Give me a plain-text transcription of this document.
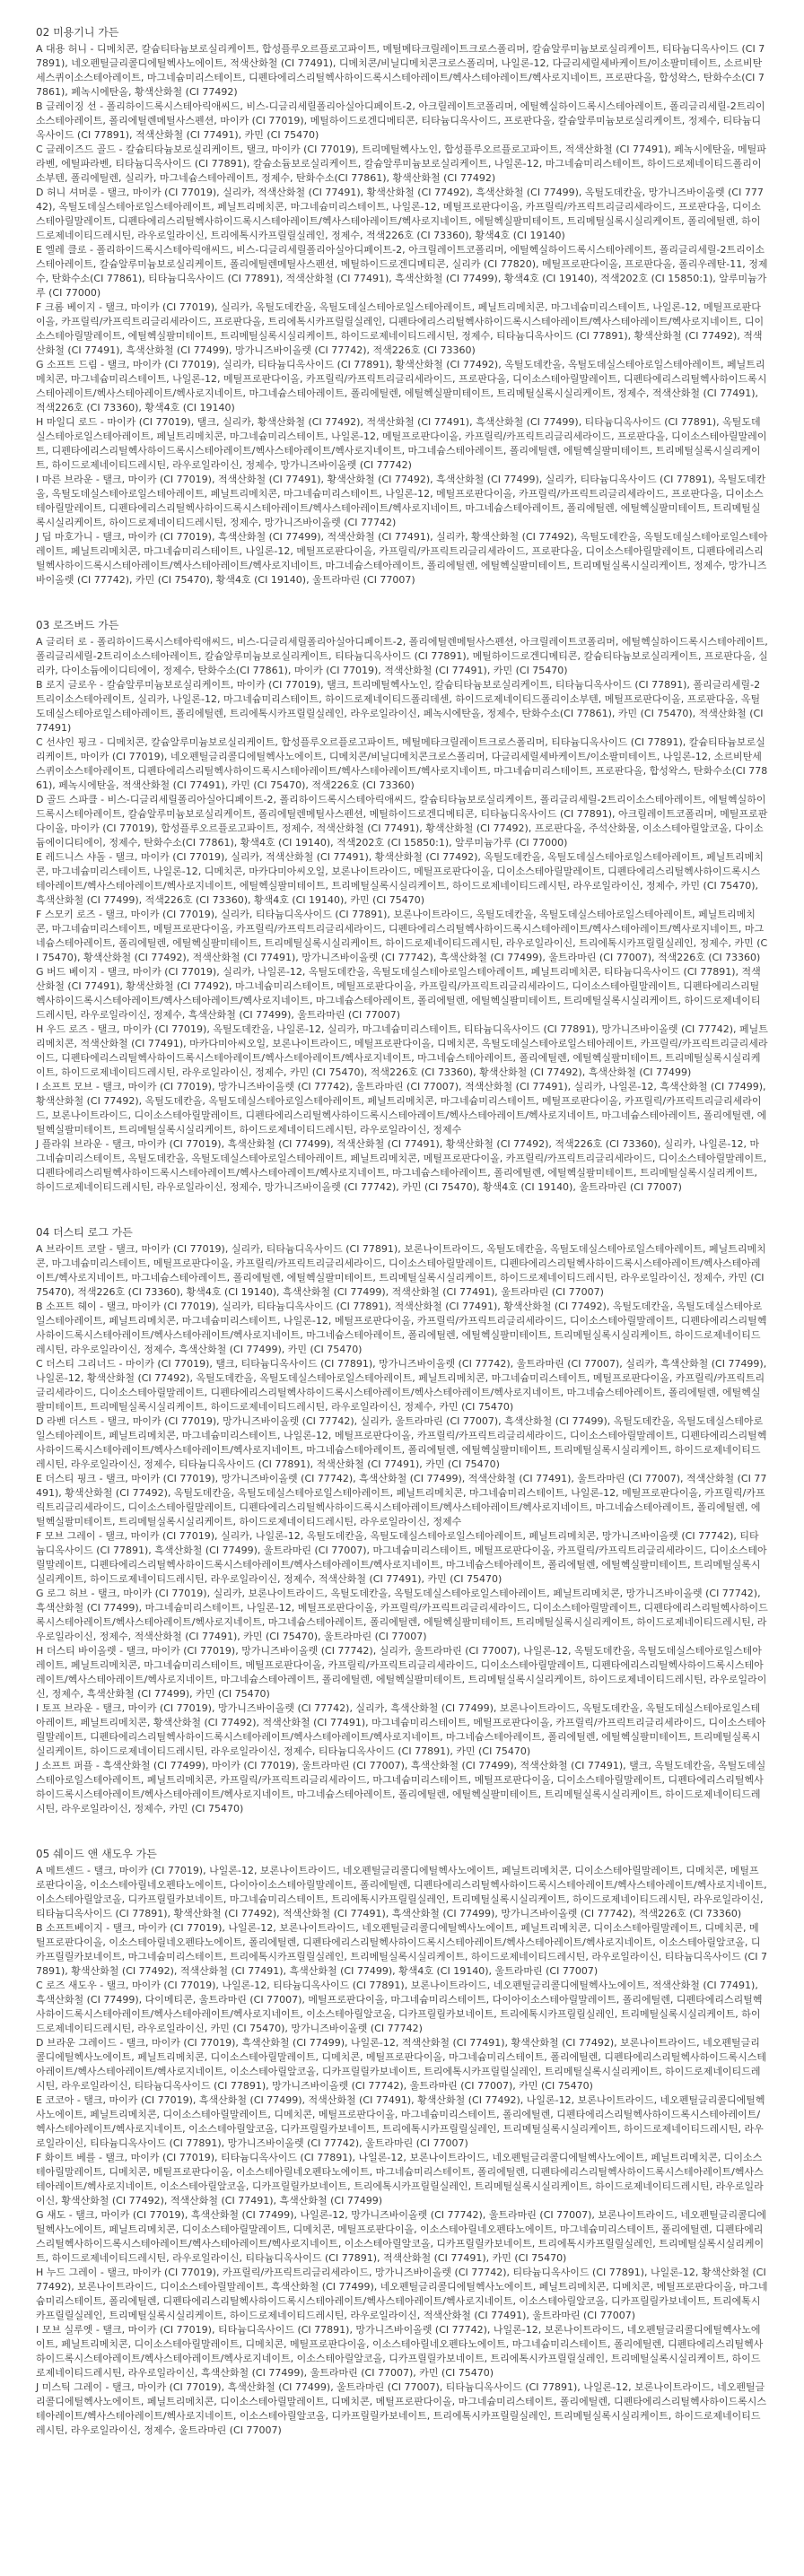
02 미용기니 가든

A 대용 허니 - 디메치콘, 칼슘티타늄보로실리케이트, 합성플루오르플로고파이트, 메틸메타크릴레이트크로스폴리머, 칼슘알루미늄보로실리케이트, 티타늄디옥사이드 (CI 77891), 네오펜틸글리콜디에틸헥사노에이트, 적색산화철 (CI 77491), 디메치콘/비닐디메치콘크로스폴리머, 나일론-12, 다글리세릴세바케이트/이소팔미테이트, 소르비탄세스퀴이소스테아레이트, 마그네슘미리스테이트, 디펜타에리스리틸헥사하이드록시스테아레이트/헥사스테아레이트/헥사로지네이트, 프로판다올, 합성왁스, 탄화수소(CI 77861), 페녹시에탄올, 황색산화철 (CI 77492)

B 글레이징 선 - 폴리하이드록시스테아릭애씨드, 비스-디글리세릴폴리아실아디페이트-2, 아크릴레이트코폴리머, 에틸헥실하이드록시스테아레이트, 폴리글리세릴-2트리이소스테아레이트, 폴리에틸렌메틸사스펜션, 마이카 (CI 77019), 메틸하이드로겐디메티콘, 티타늄디옥사이드, 프로판다올, 칼슘알루미늄보로실리케이트, 정제수, 티타늄디옥사이드 (CI 77891), 적색산화철 (CI 77491), 카민 (CI 75470)

C 글레이즈드 골드 - 칼슘티타늄보로실리케이트, 탤크, 마이카 (CI 77019), 트리메틸헥사노인, 합성플루오르플로고파이트, 적색산화철 (CI 77491), 페녹시에탄올, 메틸파라벤, 에틸파라벤, 티타늄디옥사이드 (CI 77891), 칼슘소듐보로실리케이트, 칼슘알루미늄보로실리케이트, 나일론-12, 마그네슘미리스테이트, 하이드로제네이티드폴리이소부텐, 폴리에틸렌, 실리카, 마그네슘스테아레이트, 정제수, 탄화수소(CI 77861), 황색산화철 (CI 77492)

D 허니 셔머룬 - 탤크, 마이카 (CI 77019), 실리카, 적색산화철 (CI 77491), 황색산화철 (CI 77492), 흑색산화철 (CI 77499), 옥틸도데칸올, 망가니즈바이올렛 (CI 77742), 옥틸도데실스테아로일스테아레이트, 페닐트리메치콘, 마그네슘미리스테이트, 나일론-12, 메틸프로판다이올, 카프릴릭/카프릭트리글리세라이드, 프로판다올, 디이소스테아릴말레이트, 디펜타에리스리틸헥사하이드록시스테아레이트/헥사스테아레이트/헥사로지네이트, 에틸헥실팔미테이트, 트리메틸실록시실리케이트, 폴리에틸렌, 하이드로제네이티드레시틴, 라우로일라이신, 트리에톡시카프릴릴실레인, 정제수, 적색226호 (CI 73360), 황색4호 (CI 19140)

E 엘레 클로 - 폴리하이드록시스테아릭애씨드, 비스-디글리세릴폴리아실아디페이트-2, 아크릴레이트코폴리머, 에틸헥실하이드록시스테아레이트, 폴리글리세릴-2트리이소스테아레이트, 칼슘알루미늄보로실리케이트, 폴리에틸렌메틸사스펜션, 메틸하이드로겐디메티콘, 실리카 (CI 77820), 메틸프로판다이올, 프로판다올, 폴리우레탄-11, 정제수, 탄화수소(CI 77861), 티타늄디옥사이드 (CI 77891), 적색산화철 (CI 77491), 흑색산화철 (CI 77499), 황색4호 (CI 19140), 적색202호 (CI 15850:1), 알루미늄가루 (CI 77000)

F 크롬 베이지 - 탤크, 마이카 (CI 77019), 실리카, 옥틸도데칸올, 옥틸도데실스테아로일스테아레이트, 페닐트리메치콘, 마그네슘미리스테이트, 나일론-12, 메틸프로판다이올, 카프릴릭/카프릭트리글리세라이드, 프로판다올, 트리에톡시카프릴릴실레인, 디펜타에리스리틸헥사하이드록시스테아레이트/헥사스테아레이트/헥사로지네이트, 디이소스테아릴말레이트, 에틸헥실팔미테이트, 트리메틸실록시실리케이트, 하이드로제네이티드레시틴, 정제수, 티타늄디옥사이드 (CI 77891), 황색산화철 (CI 77492), 적색산화철 (CI 77491), 흑색산화철 (CI 77499), 망가니즈바이올렛 (CI 77742), 적색226호 (CI 73360)

G 소프트 드림 - 탤크, 마이카 (CI 77019), 실리카, 티타늄디옥사이드 (CI 77891), 황색산화철 (CI 77492), 옥틸도데칸올, 옥틸도데실스테아로일스테아레이트, 페닐트리메치콘, 마그네슘미리스테이트, 나일론-12, 메틸프로판다이올, 카프릴릭/카프릭트리글리세라이드, 프로판다올, 디이소스테아릴말레이트, 디펜타에리스리틸헥사하이드록시스테아레이트/헥사스테아레이트/헥사로지네이트, 마그네슘스테아레이트, 폴리에틸렌, 에틸헥실팔미테이트, 트리메틸실록시실리케이트, 정제수, 적색산화철 (CI 77491), 적색226호 (CI 73360), 황색4호 (CI 19140)

H 마일디 로드 - 마이카 (CI 77019), 탤크, 실리카, 황색산화철 (CI 77492), 적색산화철 (CI 77491), 흑색산화철 (CI 77499), 티타늄디옥사이드 (CI 77891), 옥틸도데실스테아로일스테아레이트, 페닐트리메치콘, 마그네슘미리스테이트, 나일론-12, 메틸프로판다이올, 카프릴릭/카프릭트리글리세라이드, 프로판다올, 디이소스테아릴말레이트, 디펜타에리스리틸헥사하이드록시스테아레이트/헥사스테아레이트/헥사로지네이트, 마그네슘스테아레이트, 폴리에틸렌, 에틸헥실팔미테이트, 트리메틸실록시실리케이트, 하이드로제네이티드레시틴, 라우로일라이신, 정제수, 망가니즈바이올렛 (CI 77742)

I 마른 브라운 - 탤크, 마이카 (CI 77019), 적색산화철 (CI 77491), 황색산화철 (CI 77492), 흑색산화철 (CI 77499), 실리카, 티타늄디옥사이드 (CI 77891), 옥틸도데칸올, 옥틸도데실스테아로일스테아레이트, 페닐트리메치콘, 마그네슘미리스테이트, 나일론-12, 메틸프로판다이올, 카프릴릭/카프릭트리글리세라이드, 프로판다올, 디이소스테아릴말레이트, 디펜타에리스리틸헥사하이드록시스테아레이트/헥사스테아레이트/헥사로지네이트, 마그네슘스테아레이트, 폴리에틸렌, 에틸헥실팔미테이트, 트리메틸실록시실리케이트, 하이드로제네이티드레시틴, 정제수, 망가니즈바이올렛 (CI 77742)

J 딥 마호가니 - 탤크, 마이카 (CI 77019), 흑색산화철 (CI 77499), 적색산화철 (CI 77491), 실리카, 황색산화철 (CI 77492), 옥틸도데칸올, 옥틸도데실스테아로일스테아레이트, 페닐트리메치콘, 마그네슘미리스테이트, 나일론-12, 메틸프로판다이올, 카프릴릭/카프릭트리글리세라이드, 프로판다올, 디이소스테아릴말레이트, 디펜타에리스리틸헥사하이드록시스테아레이트/헥사스테아레이트/헥사로지네이트, 마그네슘스테아레이트, 폴리에틸렌, 에틸헥실팔미테이트, 트리메틸실록시실리케이트, 정제수, 망가니즈바이올렛 (CI 77742), 카민 (CI 75470), 황색4호 (CI 19140), 울트라마린 (CI 77007)

03 로즈버드 가든

A 글리터 로 - 폴리하이드록시스테아릭애씨드, 비스-디글리세릴폴리아실아디페이트-2, 폴리에틸렌메틸사스펜션, 아크릴레이트코폴리머, 에틸헥실하이드록시스테아레이트, 폴리글리세릴-2트리이소스테아레이트, 칼슘알루미늄보로실리케이트, 티타늄디옥사이드 (CI 77891), 메틸하이드로겐디메티콘, 칼슘티타늄보로실리케이트, 프로판다올, 실리카, 다이소듐에이디티에이, 정제수, 탄화수소(CI 77861), 마이카 (CI 77019), 적색산화철 (CI 77491), 카민 (CI 75470)

B 로지 글로우 - 칼슘알루미늄보로실리케이트, 마이카 (CI 77019), 탤크, 트리메틸헥사노인, 칼슘티타늄보로실리케이트, 티타늄디옥사이드 (CI 77891), 폴리글리세릴-2트리이소스테아레이트, 실리카, 나일론-12, 마그네슘미리스테이트, 하이드로제네이티드폴리데센, 하이드로제네이티드폴리이소부텐, 메틸프로판다이올, 프로판다올, 옥틸도데실스테아로일스테아레이트, 폴리에틸렌, 트리에톡시카프릴릴실레인, 라우로일라이신, 페녹시에탄올, 정제수, 탄화수소(CI 77861), 카민 (CI 75470), 적색산화철 (CI 77491)

C 선샤인 핑크 - 디메치콘, 칼슘알루미늄보로실리케이트, 합성플루오르플로고파이트, 메틸메타크릴레이트크로스폴리머, 티타늄디옥사이드 (CI 77891), 칼슘티타늄보로실리케이트, 마이카 (CI 77019), 네오펜틸글리콜디에틸헥사노에이트, 디메치콘/비닐디메치콘크로스폴리머, 다글리세릴세바케이트/이소팔미테이트, 나일론-12, 소르비탄세스퀴이소스테아레이트, 디펜타에리스리틸헥사하이드록시스테아레이트/헥사스테아레이트/헥사로지네이트, 마그네슘미리스테이트, 프로판다올, 합성왁스, 탄화수소(CI 77861), 페녹시에탄올, 적색산화철 (CI 77491), 카민 (CI 75470), 적색226호 (CI 73360)

D 골드 스파클 - 비스-디글리세릴폴리아실아디페이트-2, 폴리하이드록시스테아릭애씨드, 칼슘티타늄보로실리케이트, 폴리글리세릴-2트리이소스테아레이트, 에틸헥실하이드록시스테아레이트, 칼슘알루미늄보로실리케이트, 폴리에틸렌메틸사스펜션, 메틸하이드로겐디메티콘, 티타늄디옥사이드 (CI 77891), 아크릴레이트코폴리머, 메틸프로판다이올, 마이카 (CI 77019), 합성플루오르플로고파이트, 정제수, 적색산화철 (CI 77491), 황색산화철 (CI 77492), 프로판다올, 주석산화물, 이소스테아릴알코올, 다이소듐에이디티에이, 정제수, 탄화수소(CI 77861), 황색4호 (CI 19140), 적색202호 (CI 15850:1), 알루미늄가루 (CI 77000)

E 레드니스 샤돌 - 탤크, 마이카 (CI 77019), 실리카, 적색산화철 (CI 77491), 황색산화철 (CI 77492), 옥틸도데칸올, 옥틸도데실스테아로일스테아레이트, 페닐트리메치콘, 마그네슘미리스테이트, 나일론-12, 디메치콘, 마카다미아씨오일, 보론나이트라이드, 메틸프로판다이올, 디이소스테아릴말레이트, 디펜타에리스리틸헥사하이드록시스테아레이트/헥사스테아레이트/헥사로지네이트, 에틸헥실팔미테이트, 트리메틸실록시실리케이트, 하이드로제네이티드레시틴, 라우로일라이신, 정제수, 카민 (CI 75470), 흑색산화철 (CI 77499), 적색226호 (CI 73360), 황색4호 (CI 19140), 카민 (CI 75470)

F 스모키 로즈 - 탤크, 마이카 (CI 77019), 실리카, 티타늄디옥사이드 (CI 77891), 보론나이트라이드, 옥틸도데칸올, 옥틸도데실스테아로일스테아레이트, 페닐트리메치콘, 마그네슘미리스테이트, 메틸프로판다이올, 카프릴릭/카프릭트리글리세라이드, 디펜타에리스리틸헥사하이드록시스테아레이트/헥사스테아레이트/헥사로지네이트, 마그네슘스테아레이트, 폴리에틸렌, 에틸헥실팔미테이트, 트리메틸실록시실리케이트, 하이드로제네이티드레시틴, 라우로일라이신, 트리에톡시카프릴릴실레인, 정제수, 카민 (CI 75470), 황색산화철 (CI 77492), 적색산화철 (CI 77491), 망가니즈바이올렛 (CI 77742), 흑색산화철 (CI 77499), 울트라마린 (CI 77007), 적색226호 (CI 73360)

G 버드 베이지 - 탤크, 마이카 (CI 77019), 실리카, 나일론-12, 옥틸도데칸올, 옥틸도데실스테아로일스테아레이트, 페닐트리메치콘, 티타늄디옥사이드 (CI 77891), 적색산화철 (CI 77491), 황색산화철 (CI 77492), 마그네슘미리스테이트, 메틸프로판다이올, 카프릴릭/카프릭트리글리세라이드, 디이소스테아릴말레이트, 디펜타에리스리틸헥사하이드록시스테아레이트/헥사스테아레이트/헥사로지네이트, 마그네슘스테아레이트, 폴리에틸렌, 에틸헥실팔미테이트, 트리메틸실록시실리케이트, 하이드로제네이티드레시틴, 라우로일라이신, 정제수, 흑색산화철 (CI 77499), 울트라마린 (CI 77007)

H 우드 로즈 - 탤크, 마이카 (CI 77019), 옥틸도데칸올, 나일론-12, 실리카, 마그네슘미리스테이트, 티타늄디옥사이드 (CI 77891), 망가니즈바이올렛 (CI 77742), 페닐트리메치콘, 적색산화철 (CI 77491), 마카다미아씨오일, 보론나이트라이드, 메틸프로판다이올, 디메치콘, 옥틸도데실스테아로일스테아레이트, 카프릴릭/카프릭트리글리세라이드, 디펜타에리스리틸헥사하이드록시스테아레이트/헥사스테아레이트/헥사로지네이트, 마그네슘스테아레이트, 폴리에틸렌, 에틸헥실팔미테이트, 트리메틸실록시실리케이트, 하이드로제네이티드레시틴, 라우로일라이신, 정제수, 카민 (CI 75470), 적색226호 (CI 73360), 황색산화철 (CI 77492), 흑색산화철 (CI 77499)

I 소프트 모브 - 탤크, 마이카 (CI 77019), 망가니즈바이올렛 (CI 77742), 울트라마린 (CI 77007), 적색산화철 (CI 77491), 실리카, 나일론-12, 흑색산화철 (CI 77499), 황색산화철 (CI 77492), 옥틸도데칸올, 옥틸도데실스테아로일스테아레이트, 페닐트리메치콘, 마그네슘미리스테이트, 메틸프로판다이올, 카프릴릭/카프릭트리글리세라이드, 보론나이트라이드, 디이소스테아릴말레이트, 디펜타에리스리틸헥사하이드록시스테아레이트/헥사스테아레이트/헥사로지네이트, 마그네슘스테아레이트, 폴리에틸렌, 에틸헥실팔미테이트, 트리메틸실록시실리케이트, 하이드로제네이티드레시틴, 라우로일라이신, 정제수

J 플라워 브라운 - 탤크, 마이카 (CI 77019), 흑색산화철 (CI 77499), 적색산화철 (CI 77491), 황색산화철 (CI 77492), 적색226호 (CI 73360), 실리카, 나일론-12, 마그네슘미리스테이트, 옥틸도데칸올, 옥틸도데실스테아로일스테아레이트, 페닐트리메치콘, 메틸프로판다이올, 카프릴릭/카프릭트리글리세라이드, 디이소스테아릴말레이트, 디펜타에리스리틸헥사하이드록시스테아레이트/헥사스테아레이트/헥사로지네이트, 마그네슘스테아레이트, 폴리에틸렌, 에틸헥실팔미테이트, 트리메틸실록시실리케이트, 하이드로제네이티드레시틴, 라우로일라이신, 정제수, 망가니즈바이올렛 (CI 77742), 카민 (CI 75470), 황색4호 (CI 19140), 울트라마린 (CI 77007)

04 더스티 로그 가든

A 브라이트 코랄 - 탤크, 마이카 (CI 77019), 실리카, 티타늄디옥사이드 (CI 77891), 보론나이트라이드, 옥틸도데칸올, 옥틸도데실스테아로일스테아레이트, 페닐트리메치콘, 마그네슘미리스테이트, 메틸프로판다이올, 카프릴릭/카프릭트리글리세라이드, 디이소스테아릴말레이트, 디펜타에리스리틸헥사하이드록시스테아레이트/헥사스테아레이트/헥사로지네이트, 마그네슘스테아레이트, 폴리에틸렌, 에틸헥실팔미테이트, 트리메틸실록시실리케이트, 하이드로제네이티드레시틴, 라우로일라이신, 정제수, 카민 (CI 75470), 적색226호 (CI 73360), 황색4호 (CI 19140), 흑색산화철 (CI 77499), 적색산화철 (CI 77491), 울트라마린 (CI 77007)

B 소프트 헤이 - 탤크, 마이카 (CI 77019), 실리카, 티타늄디옥사이드 (CI 77891), 적색산화철 (CI 77491), 황색산화철 (CI 77492), 옥틸도데칸올, 옥틸도데실스테아로일스테아레이트, 페닐트리메치콘, 마그네슘미리스테이트, 나일론-12, 메틸프로판다이올, 카프릴릭/카프릭트리글리세라이드, 디이소스테아릴말레이트, 디펜타에리스리틸헥사하이드록시스테아레이트/헥사스테아레이트/헥사로지네이트, 마그네슘스테아레이트, 폴리에틸렌, 에틸헥실팔미테이트, 트리메틸실록시실리케이트, 하이드로제네이티드레시틴, 라우로일라이신, 정제수, 흑색산화철 (CI 77499), 카민 (CI 75470)

C 더스티 그리너드 - 마이카 (CI 77019), 탤크, 티타늄디옥사이드 (CI 77891), 망가니즈바이올렛 (CI 77742), 울트라마린 (CI 77007), 실리카, 흑색산화철 (CI 77499), 나일론-12, 황색산화철 (CI 77492), 옥틸도데칸올, 옥틸도데실스테아로일스테아레이트, 페닐트리메치콘, 마그네슘미리스테이트, 메틸프로판다이올, 카프릴릭/카프릭트리글리세라이드, 디이소스테아릴말레이트, 디펜타에리스리틸헥사하이드록시스테아레이트/헥사스테아레이트/헥사로지네이트, 마그네슘스테아레이트, 폴리에틸렌, 에틸헥실팔미테이트, 트리메틸실록시실리케이트, 하이드로제네이티드레시틴, 라우로일라이신, 정제수, 카민 (CI 75470)

D 라벤 더스트 - 탤크, 마이카 (CI 77019), 망가니즈바이올렛 (CI 77742), 실리카, 울트라마린 (CI 77007), 흑색산화철 (CI 77499), 옥틸도데칸올, 옥틸도데실스테아로일스테아레이트, 페닐트리메치콘, 마그네슘미리스테이트, 나일론-12, 메틸프로판다이올, 카프릴릭/카프릭트리글리세라이드, 디이소스테아릴말레이트, 디펜타에리스리틸헥사하이드록시스테아레이트/헥사스테아레이트/헥사로지네이트, 마그네슘스테아레이트, 폴리에틸렌, 에틸헥실팔미테이트, 트리메틸실록시실리케이트, 하이드로제네이티드레시틴, 라우로일라이신, 정제수, 티타늄디옥사이드 (CI 77891), 적색산화철 (CI 77491), 카민 (CI 75470)

E 더스티 핑크 - 탤크, 마이카 (CI 77019), 망가니즈바이올렛 (CI 77742), 흑색산화철 (CI 77499), 적색산화철 (CI 77491), 울트라마린 (CI 77007), 적색산화철 (CI 77491), 황색산화철 (CI 77492), 옥틸도데칸올, 옥틸도데실스테아로일스테아레이트, 페닐트리메치콘, 마그네슘미리스테이트, 나일론-12, 메틸프로판다이올, 카프릴릭/카프릭트리글리세라이드, 디이소스테아릴말레이트, 디펜타에리스리틸헥사하이드록시스테아레이트/헥사스테아레이트/헥사로지네이트, 마그네슘스테아레이트, 폴리에틸렌, 에틸헥실팔미테이트, 트리메틸실록시실리케이트, 하이드로제네이티드레시틴, 라우로일라이신, 정제수

F 모브 그레이 - 탤크, 마이카 (CI 77019), 실리카, 나일론-12, 옥틸도데칸올, 옥틸도데실스테아로일스테아레이트, 페닐트리메치콘, 망가니즈바이올렛 (CI 77742), 티타늄디옥사이드 (CI 77891), 흑색산화철 (CI 77499), 울트라마린 (CI 77007), 마그네슘미리스테이트, 메틸프로판다이올, 카프릴릭/카프릭트리글리세라이드, 디이소스테아릴말레이트, 디펜타에리스리틸헥사하이드록시스테아레이트/헥사스테아레이트/헥사로지네이트, 마그네슘스테아레이트, 폴리에틸렌, 에틸헥실팔미테이트, 트리메틸실록시실리케이트, 하이드로제네이티드레시틴, 라우로일라이신, 정제수, 적색산화철 (CI 77491), 카민 (CI 75470)

G 로그 허브 - 탤크, 마이카 (CI 77019), 실리카, 보론나이트라이드, 옥틸도데칸올, 옥틸도데실스테아로일스테아레이트, 페닐트리메치콘, 망가니즈바이올렛 (CI 77742), 흑색산화철 (CI 77499), 마그네슘미리스테이트, 나일론-12, 메틸프로판다이올, 카프릴릭/카프릭트리글리세라이드, 디이소스테아릴말레이트, 디펜타에리스리틸헥사하이드록시스테아레이트/헥사스테아레이트/헥사로지네이트, 마그네슘스테아레이트, 폴리에틸렌, 에틸헥실팔미테이트, 트리메틸실록시실리케이트, 하이드로제네이티드레시틴, 라우로일라이신, 정제수, 적색산화철 (CI 77491), 카민 (CI 75470), 울트라마린 (CI 77007)

H 더스티 바이올렛 - 탤크, 마이카 (CI 77019), 망가니즈바이올렛 (CI 77742), 실리카, 울트라마린 (CI 77007), 나일론-12, 옥틸도데칸올, 옥틸도데실스테아로일스테아레이트, 페닐트리메치콘, 마그네슘미리스테이트, 메틸프로판다이올, 카프릴릭/카프릭트리글리세라이드, 디이소스테아릴말레이트, 디펜타에리스리틸헥사하이드록시스테아레이트/헥사스테아레이트/헥사로지네이트, 마그네슘스테아레이트, 폴리에틸렌, 에틸헥실팔미테이트, 트리메틸실록시실리케이트, 하이드로제네이티드레시틴, 라우로일라이신, 정제수, 흑색산화철 (CI 77499), 카민 (CI 75470)

I 토프 브라운 - 탤크, 마이카 (CI 77019), 망가니즈바이올렛 (CI 77742), 실리카, 흑색산화철 (CI 77499), 보론나이트라이드, 옥틸도데칸올, 옥틸도데실스테아로일스테아레이트, 페닐트리메치콘, 황색산화철 (CI 77492), 적색산화철 (CI 77491), 마그네슘미리스테이트, 메틸프로판다이올, 카프릴릭/카프릭트리글리세라이드, 디이소스테아릴말레이트, 디펜타에리스리틸헥사하이드록시스테아레이트/헥사스테아레이트/헥사로지네이트, 마그네슘스테아레이트, 폴리에틸렌, 에틸헥실팔미테이트, 트리메틸실록시실리케이트, 하이드로제네이티드레시틴, 라우로일라이신, 정제수, 티타늄디옥사이드 (CI 77891), 카민 (CI 75470)

J 소프트 퍼플 - 흑색산화철 (CI 77499), 마이카 (CI 77019), 울트라마린 (CI 77007), 흑색산화철 (CI 77499), 적색산화철 (CI 77491), 탤크, 옥틸도데칸올, 옥틸도데실스테아로일스테아레이트, 페닐트리메치콘, 카프릴릭/카프릭트리글리세라이드, 마그네슘미리스테이트, 메틸프로판다이올, 디이소스테아릴말레이트, 디펜타에리스리틸헥사하이드록시스테아레이트/헥사스테아레이트/헥사로지네이트, 마그네슘스테아레이트, 폴리에틸렌, 에틸헥실팔미테이트, 트리메틸실록시실리케이트, 하이드로제네이티드레시틴, 라우로일라이신, 정제수, 카민 (CI 75470)

05 쉐이드 앤 새도우 가든

A 메트센드 - 탤크, 마이카 (CI 77019), 나일론-12, 보론나이트라이드, 네오펜틸글리콜디에틸헥사노에이트, 페닐트리메치콘, 디이소스테아릴말레이트, 디메치콘, 메틸프로판다이올, 이소스테아릴네오펜타노에이트, 다이아이소스테아릴말레이트, 폴리에틸렌, 디펜타에리스리틸헥사하이드록시스테아레이트/헥사스테아레이트/헥사로지네이트, 이소스테아릴알코올, 디카프릴릴카보네이트, 마그네슘미리스테이트, 트리에톡시카프릴릴실레인, 트리메틸실록시실리케이트, 하이드로제네이티드레시틴, 라우로일라이신, 티타늄디옥사이드 (CI 77891), 황색산화철 (CI 77492), 적색산화철 (CI 77491), 흑색산화철 (CI 77499), 망가니즈바이올렛 (CI 77742), 적색226호 (CI 73360)

B 소프트베이지 - 탤크, 마이카 (CI 77019), 나일론-12, 보론나이트라이드, 네오펜틸글리콜디에틸헥사노에이트, 페닐트리메치콘, 디이소스테아릴말레이트, 디메치콘, 메틸프로판다이올, 이소스테아릴네오펜타노에이트, 폴리에틸렌, 디펜타에리스리틸헥사하이드록시스테아레이트/헥사스테아레이트/헥사로지네이트, 이소스테아릴알코올, 디카프릴릴카보네이트, 마그네슘미리스테이트, 트리에톡시카프릴릴실레인, 트리메틸실록시실리케이트, 하이드로제네이티드레시틴, 라우로일라이신, 티타늄디옥사이드 (CI 77891), 황색산화철 (CI 77492), 적색산화철 (CI 77491), 흑색산화철 (CI 77499), 황색4호 (CI 19140), 울트라마린 (CI 77007)

C 로즈 새도우 - 탤크, 마이카 (CI 77019), 나일론-12, 티타늄디옥사이드 (CI 77891), 보론나이트라이드, 네오펜틸글리콜디에틸헥사노에이트, 적색산화철 (CI 77491), 흑색산화철 (CI 77499), 다이메티콘, 울트라마린 (CI 77007), 메틸프로판다이올, 마그네슘미리스테이트, 다이아이소스테아릴말레이트, 폴리에틸렌, 디펜타에리스리틸헥사하이드록시스테아레이트/헥사스테아레이트/헥사로지네이트, 이소스테아릴알코올, 디카프릴릴카보네이트, 트리에톡시카프릴릴실레인, 트리메틸실록시실리케이트, 하이드로제네이티드레시틴, 라우로일라이신, 카민 (CI 75470), 망가니즈바이올렛 (CI 77742)

D 브라운 그레이드 - 탤크, 마이카 (CI 77019), 흑색산화철 (CI 77499), 나일론-12, 적색산화철 (CI 77491), 황색산화철 (CI 77492), 보론나이트라이드, 네오펜틸글리콜디에틸헥사노에이트, 페닐트리메치콘, 디이소스테아릴말레이트, 디메치콘, 메틸프로판다이올, 마그네슘미리스테이트, 폴리에틸렌, 디펜타에리스리틸헥사하이드록시스테아레이트/헥사스테아레이트/헥사로지네이트, 이소스테아릴알코올, 디카프릴릴카보네이트, 트리에톡시카프릴릴실레인, 트리메틸실록시실리케이트, 하이드로제네이티드레시틴, 라우로일라이신, 티타늄디옥사이드 (CI 77891), 망가니즈바이올렛 (CI 77742), 울트라마린 (CI 77007), 카민 (CI 75470)

E 코코아 - 탤크, 마이카 (CI 77019), 흑색산화철 (CI 77499), 적색산화철 (CI 77491), 황색산화철 (CI 77492), 나일론-12, 보론나이트라이드, 네오펜틸글리콜디에틸헥사노에이트, 페닐트리메치콘, 디이소스테아릴말레이트, 디메치콘, 메틸프로판다이올, 마그네슘미리스테이트, 폴리에틸렌, 디펜타에리스리틸헥사하이드록시스테아레이트/헥사스테아레이트/헥사로지네이트, 이소스테아릴알코올, 디카프릴릴카보네이트, 트리에톡시카프릴릴실레인, 트리메틸실록시실리케이트, 하이드로제네이티드레시틴, 라우로일라이신, 티타늄디옥사이드 (CI 77891), 망가니즈바이올렛 (CI 77742), 울트라마린 (CI 77007)

F 화이트 베를 - 탤크, 마이카 (CI 77019), 티타늄디옥사이드 (CI 77891), 나일론-12, 보론나이트라이드, 네오펜틸글리콜디에틸헥사노에이트, 페닐트리메치콘, 디이소스테아릴말레이트, 디메치콘, 메틸프로판다이올, 이소스테아릴네오펜타노에이트, 마그네슘미리스테이트, 폴리에틸렌, 디펜타에리스리틸헥사하이드록시스테아레이트/헥사스테아레이트/헥사로지네이트, 이소스테아릴알코올, 디카프릴릴카보네이트, 트리에톡시카프릴릴실레인, 트리메틸실록시실리케이트, 하이드로제네이티드레시틴, 라우로일라이신, 황색산화철 (CI 77492), 적색산화철 (CI 77491), 흑색산화철 (CI 77499)

G 섀도 - 탤크, 마이카 (CI 77019), 흑색산화철 (CI 77499), 나일론-12, 망가니즈바이올렛 (CI 77742), 울트라마린 (CI 77007), 보론나이트라이드, 네오펜틸글리콜디에틸헥사노에이트, 페닐트리메치콘, 디이소스테아릴말레이트, 디메치콘, 메틸프로판다이올, 이소스테아릴네오펜타노에이트, 마그네슘미리스테이트, 폴리에틸렌, 디펜타에리스리틸헥사하이드록시스테아레이트/헥사스테아레이트/헥사로지네이트, 이소스테아릴알코올, 디카프릴릴카보네이트, 트리에톡시카프릴릴실레인, 트리메틸실록시실리케이트, 하이드로제네이티드레시틴, 라우로일라이신, 티타늄디옥사이드 (CI 77891), 적색산화철 (CI 77491), 카민 (CI 75470)

H 누드 그레이 - 탤크, 마이카 (CI 77019), 카프릴릭/카프릭트리글리세라이드, 망가니즈바이올렛 (CI 77742), 티타늄디옥사이드 (CI 77891), 나일론-12, 황색산화철 (CI 77492), 보론나이트라이드, 디이소스테아릴말레이트, 흑색산화철 (CI 77499), 네오펜틸글리콜디에틸헥사노에이트, 페닐트리메치콘, 디메치콘, 메틸프로판다이올, 마그네슘미리스테이트, 폴리에틸렌, 디펜타에리스리틸헥사하이드록시스테아레이트/헥사스테아레이트/헥사로지네이트, 이소스테아릴알코올, 디카프릴릴카보네이트, 트리에톡시카프릴릴실레인, 트리메틸실록시실리케이트, 하이드로제네이티드레시틴, 라우로일라이신, 적색산화철 (CI 77491), 울트라마린 (CI 77007)

I 모브 실루엣 - 탤크, 마이카 (CI 77019), 티타늄디옥사이드 (CI 77891), 망가니즈바이올렛 (CI 77742), 나일론-12, 보론나이트라이드, 네오펜틸글리콜디에틸헥사노에이트, 페닐트리메치콘, 디이소스테아릴말레이트, 디메치콘, 메틸프로판다이올, 이소스테아릴네오펜타노에이트, 마그네슘미리스테이트, 폴리에틸렌, 디펜타에리스리틸헥사하이드록시스테아레이트/헥사스테아레이트/헥사로지네이트, 이소스테아릴알코올, 디카프릴릴카보네이트, 트리에톡시카프릴릴실레인, 트리메틸실록시실리케이트, 하이드로제네이티드레시틴, 라우로일라이신, 흑색산화철 (CI 77499), 울트라마린 (CI 77007), 카민 (CI 75470)

J 미스틱 그레이 - 탤크, 마이카 (CI 77019), 흑색산화철 (CI 77499), 울트라마린 (CI 77007), 티타늄디옥사이드 (CI 77891), 나일론-12, 보론나이트라이드, 네오펜틸글리콜디에틸헥사노에이트, 페닐트리메치콘, 디이소스테아릴말레이트, 디메치콘, 메틸프로판다이올, 마그네슘미리스테이트, 폴리에틸렌, 디펜타에리스리틸헥사하이드록시스테아레이트/헥사스테아레이트/헥사로지네이트, 이소스테아릴알코올, 디카프릴릴카보네이트, 트리에톡시카프릴릴실레인, 트리메틸실록시실리케이트, 하이드로제네이티드레시틴, 라우로일라이신, 정제수, 울트라마린 (CI 77007)
